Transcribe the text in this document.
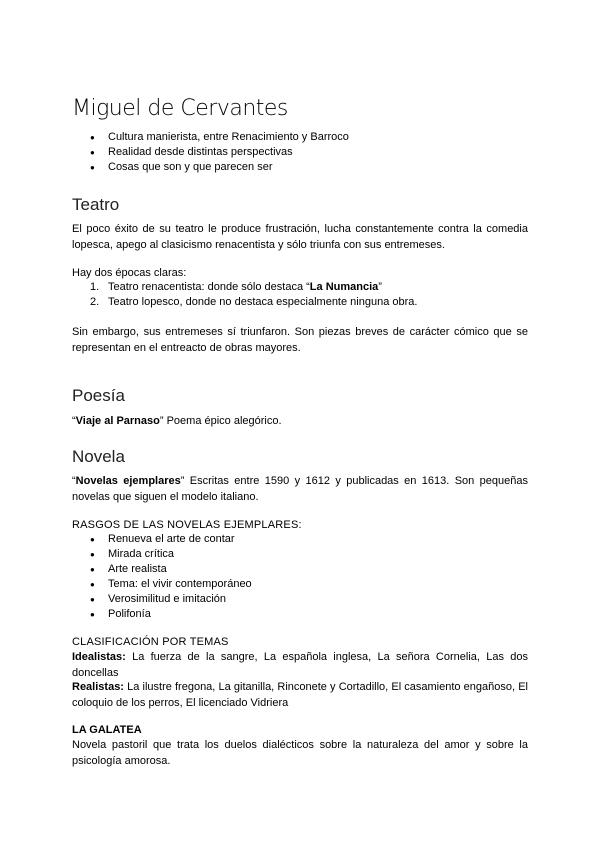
Miguel de Cervantes
● Cultura manierista, entre Renacimiento y Barroco
● Realidad desde distintas perspectivas
● Cosas que son y que parecen ser
Teatro

El poco éxito de su teatro le produce frustración, lucha constantemente contra la comedia lopesca, apego al clasicismo renacentista y sólo triunfa con sus entremeses.

Hay dos épocas claras:

1. Teatro renacentista: donde sólo destaca “La Numancia”
2. Teatro lopesco, donde no destaca especialmente ninguna obra.

Sin embargo, sus entremeses sí triunfaron. Son piezas breves de carácter cómico que se representan en el entreacto de obras mayores.

Poesía

“Viaje al Parnaso” Poema épico alegórico.

Novela

“Novelas ejemplares” Escritas entre 1590 y 1612 y publicadas en 1613. Son pequeñas novelas que siguen el modelo italiano.

RASGOS DE LAS NOVELAS EJEMPLARES:

● Renueva el arte de contar
● Mirada crítica
● Arte realista
● Tema: el vivir contemporáneo
● Verosimilitud e imitación
● Polifonía

CLASIFICACIÓN POR TEMAS

Idealistas: La fuerza de la sangre, La española inglesa, La señora Cornelia, Las dos doncellas

Realistas: La ilustre fregona, La gitanilla, Rinconete y Cortadillo, El casamiento engañoso, El coloquio de los perros, El licenciado Vidriera

LA GALATEA

Novela pastoril que trata los duelos dialécticos sobre la naturaleza del amor y sobre la psicología amorosa.
